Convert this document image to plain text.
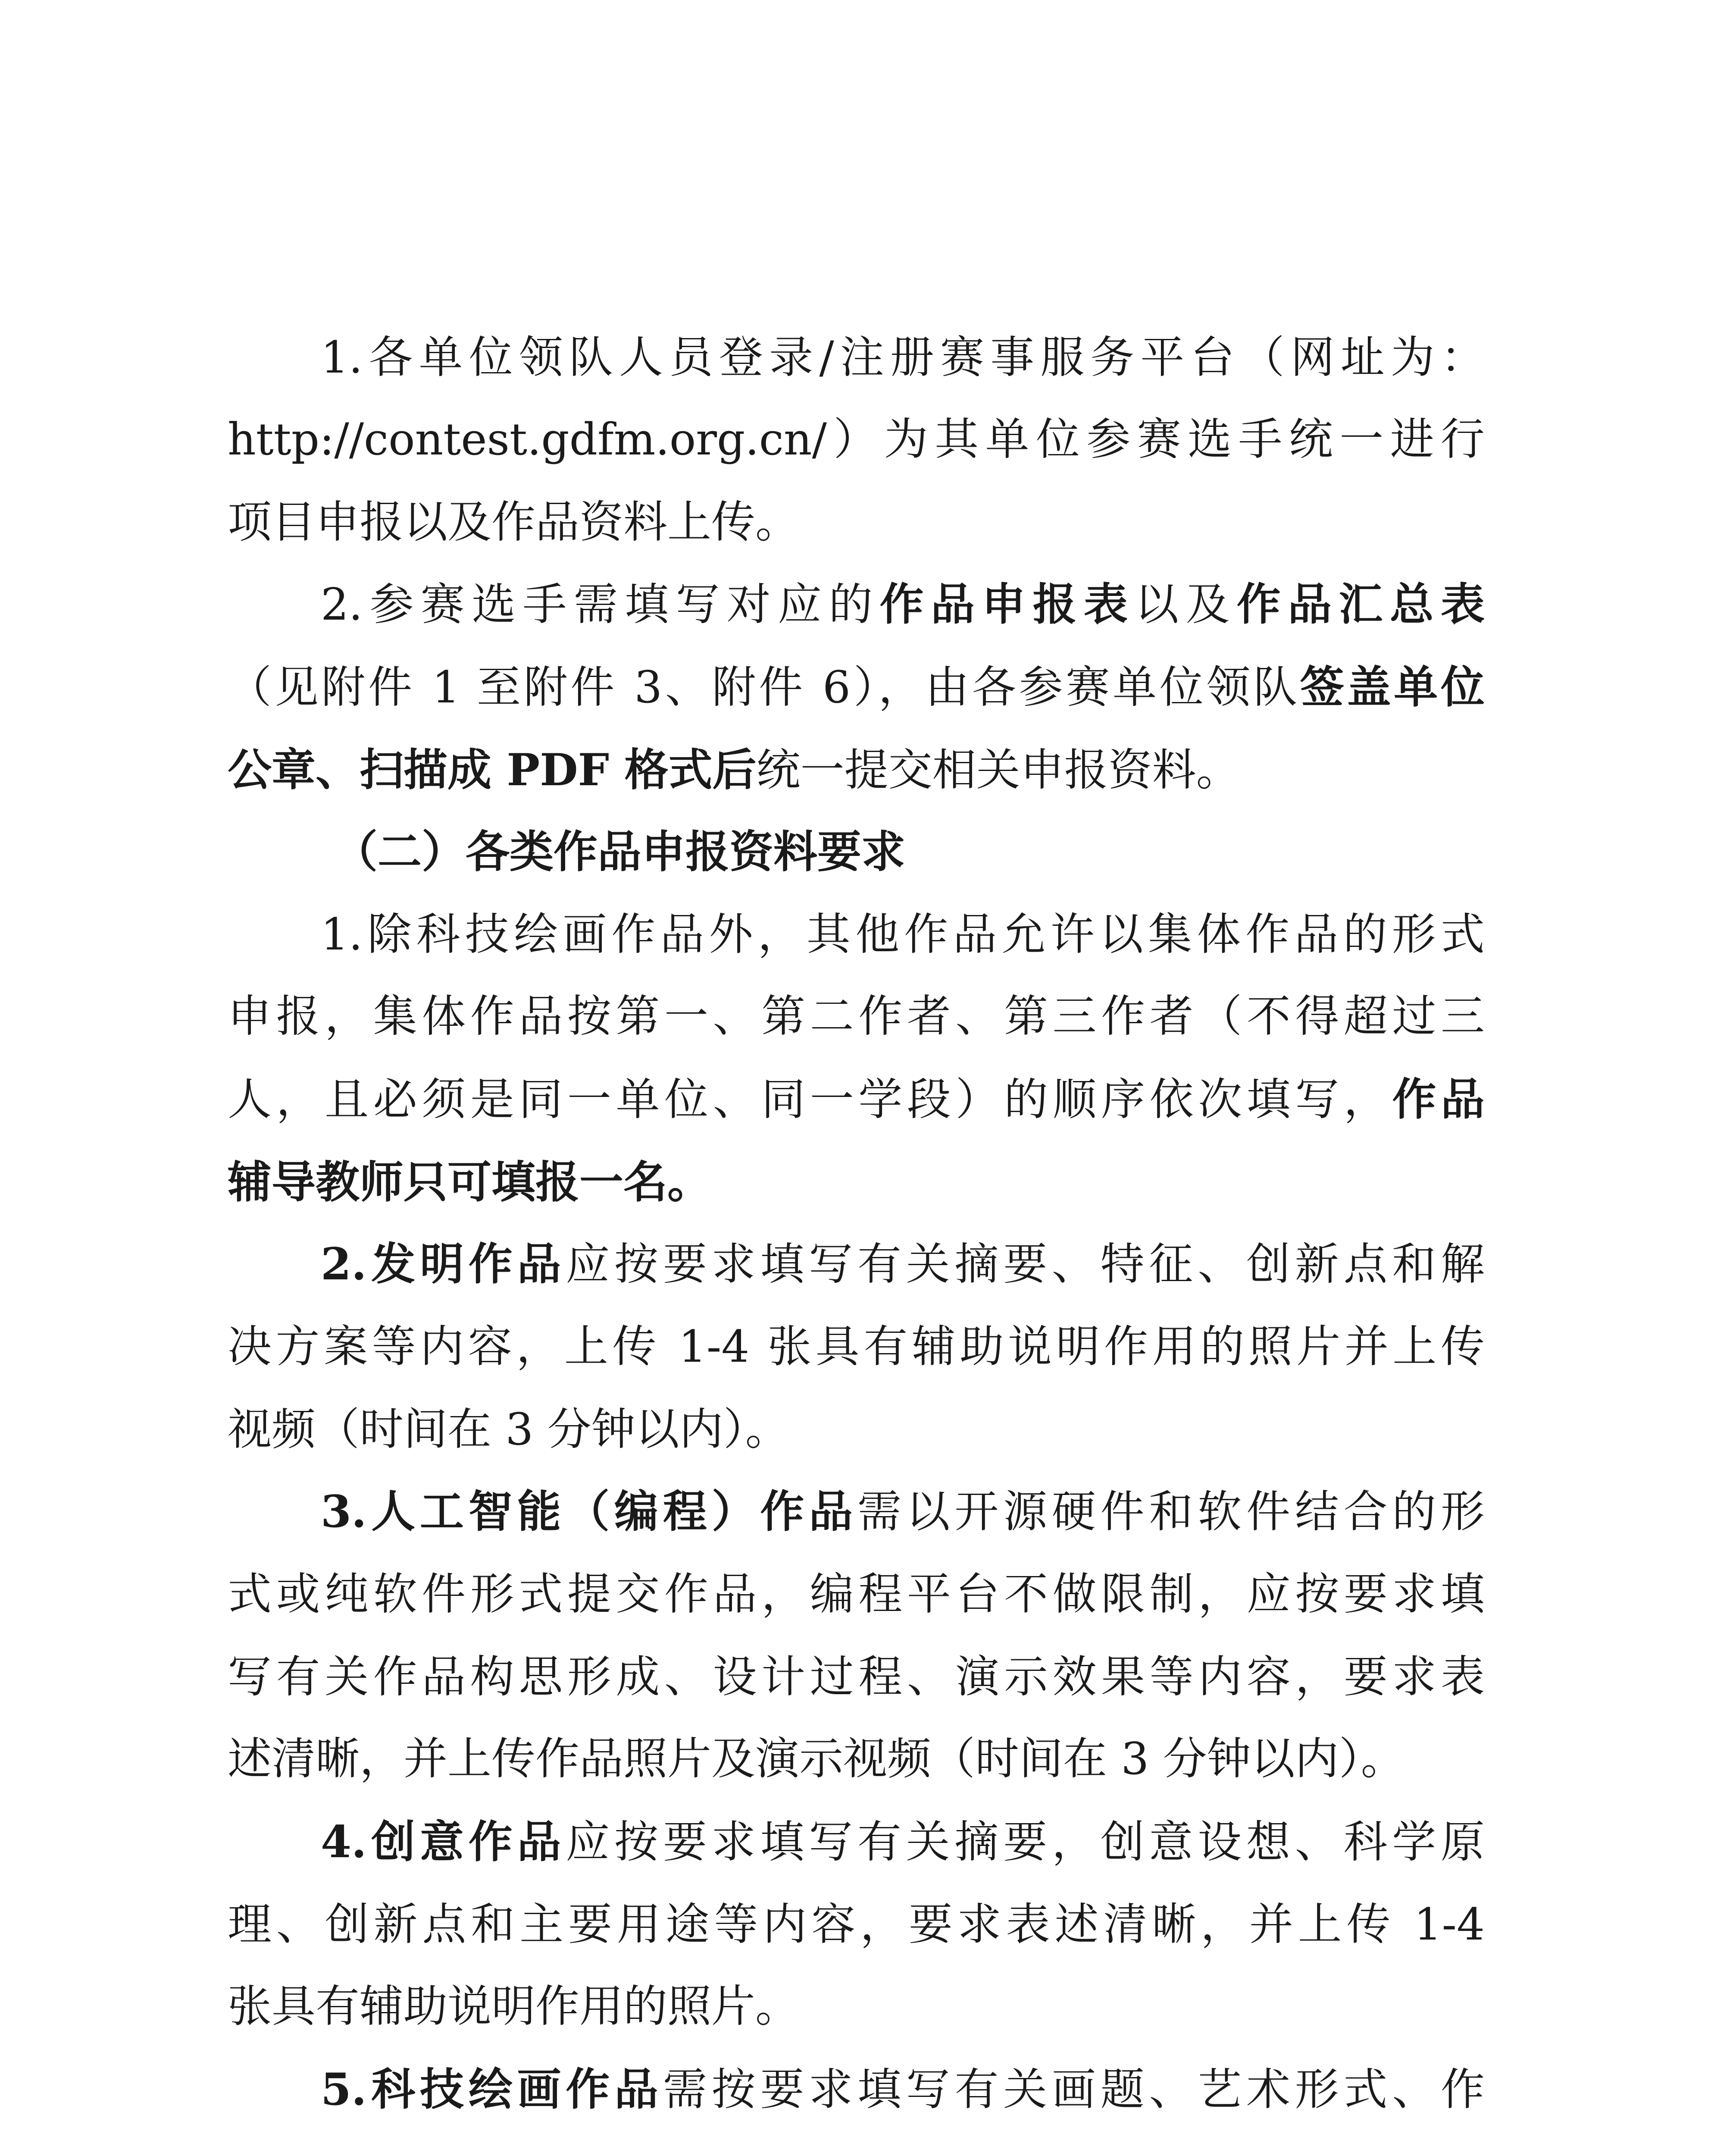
1.各单位领队人员登录/注册赛事服务平台（网址为：
http://contest.gdfm.org.cn/）为其单位参赛选手统一进行
项目申报以及作品资料上传。
2.参赛选手需填写对应的作品申报表以及作品汇总表
（见附件 1 至附件 3、附件 6），由各参赛单位领队签盖单位
公章、扫描成 PDF 格式后统一提交相关申报资料。
（二）各类作品申报资料要求
1.除科技绘画作品外，其他作品允许以集体作品的形式
申报，集体作品按第一、第二作者、第三作者（不得超过三
人，且必须是同一单位、同一学段）的顺序依次填写，作品
辅导教师只可填报一名。
2.发明作品应按要求填写有关摘要、特征、创新点和解
决方案等内容，上传 1-4 张具有辅助说明作用的照片并上传
视频（时间在 3 分钟以内）。
3.人工智能（编程）作品需以开源硬件和软件结合的形
式或纯软件形式提交作品，编程平台不做限制，应按要求填
写有关作品构思形成、设计过程、演示效果等内容，要求表
述清晰，并上传作品照片及演示视频（时间在 3 分钟以内）。
4.创意作品应按要求填写有关摘要，创意设想、科学原
理、创新点和主要用途等内容，要求表述清晰，并上传 1-4
张具有辅助说明作用的照片。
5.科技绘画作品需按要求填写有关画题、艺术形式、作
